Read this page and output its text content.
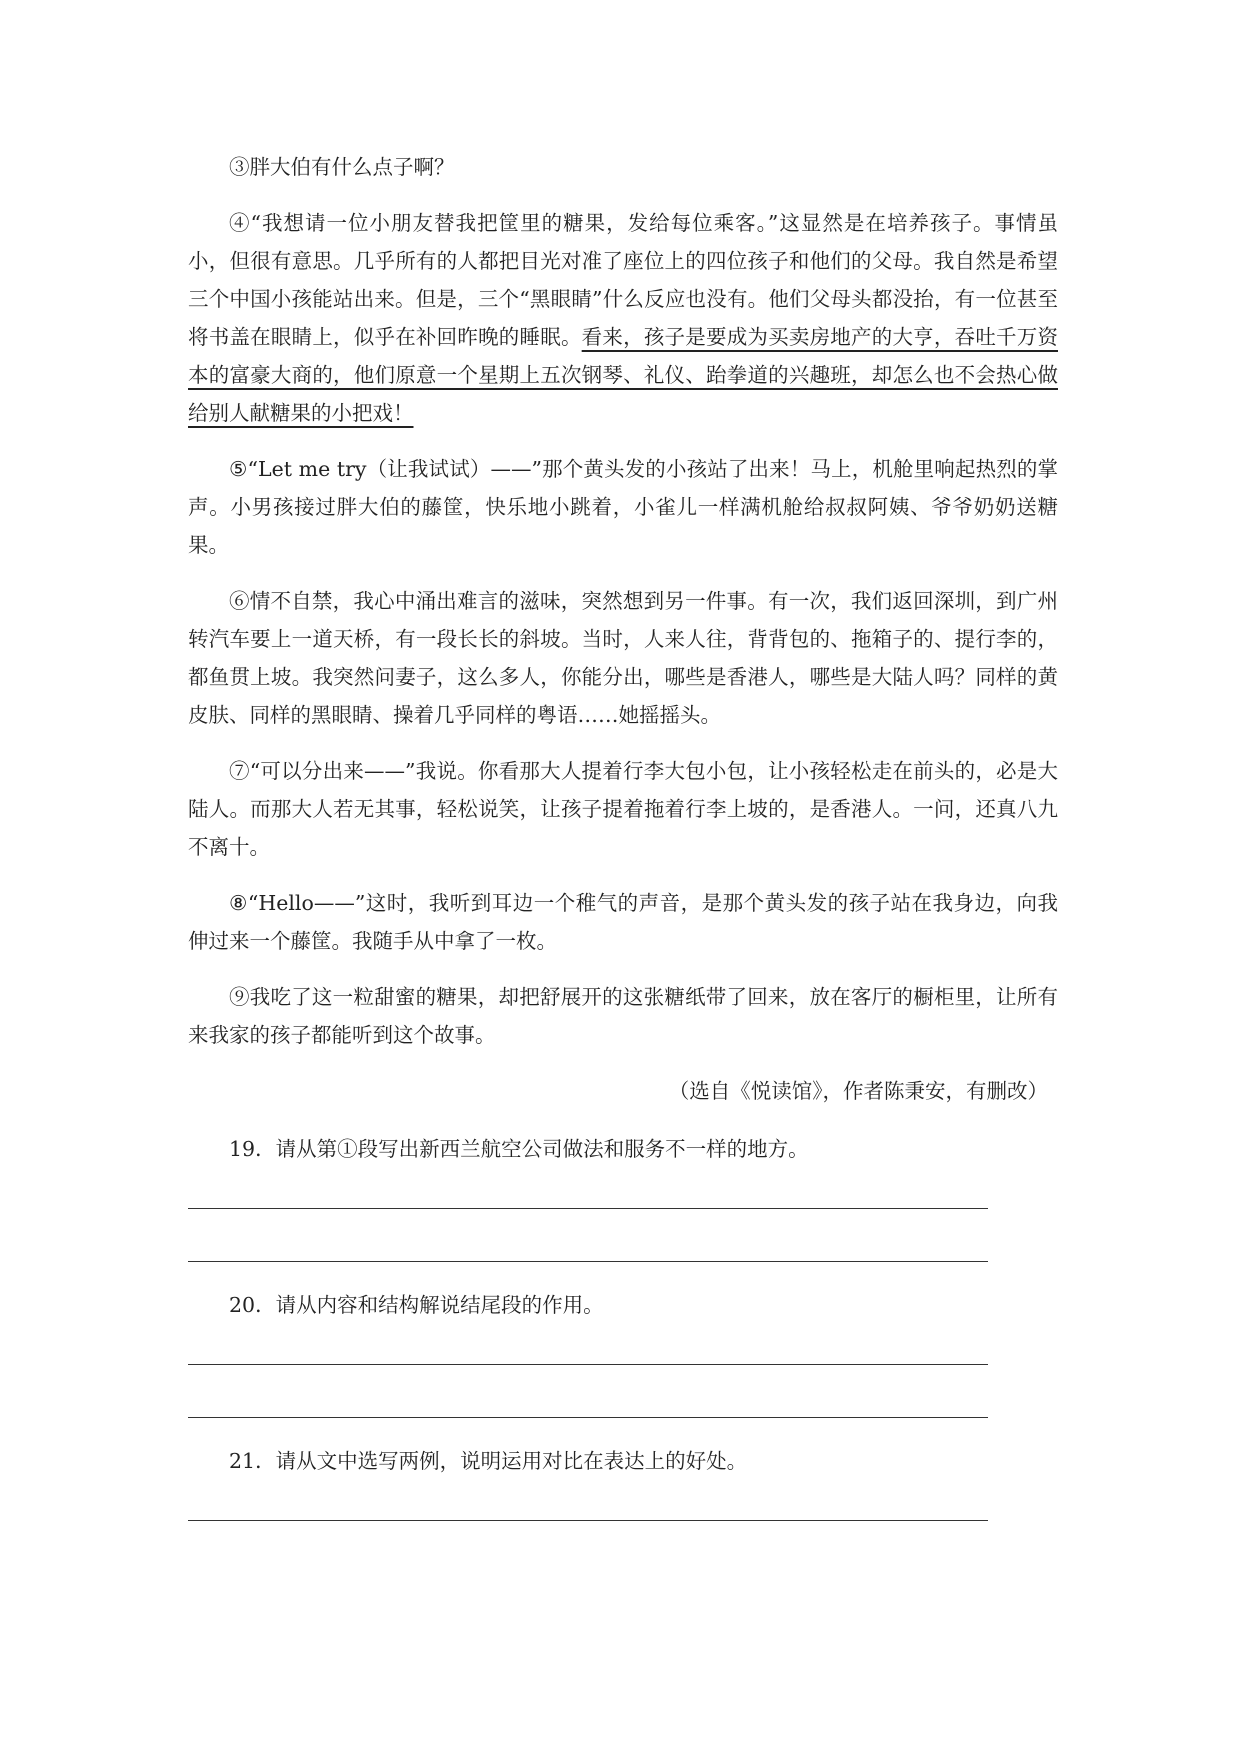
③胖大伯有什么点子啊？

④“我想请一位小朋友替我把筐里的糖果，发给每位乘客。”这显然是在培养孩子。事情虽小，但很有意思。几乎所有的人都把目光对准了座位上的四位孩子和他们的父母。我自然是希望三个中国小孩能站出来。但是，三个“黑眼睛”什么反应也没有。他们父母头都没抬，有一位甚至将书盖在眼睛上，似乎在补回昨晚的睡眠。看来，孩子是要成为买卖房地产的大亨，吞吐千万资本的富豪大商的，他们原意一个星期上五次钢琴、礼仪、跆拳道的兴趣班，却怎么也不会热心做给别人献糖果的小把戏！

⑤“Let me try（让我试试）——”那个黄头发的小孩站了出来！马上，机舱里响起热烈的掌声。小男孩接过胖大伯的藤筐，快乐地小跳着，小雀儿一样满机舱给叔叔阿姨、爷爷奶奶送糖果。

⑥情不自禁，我心中涌出难言的滋味，突然想到另一件事。有一次，我们返回深圳，到广州转汽车要上一道天桥，有一段长长的斜坡。当时，人来人往，背背包的、拖箱子的、提行李的，都鱼贯上坡。我突然问妻子，这么多人，你能分出，哪些是香港人，哪些是大陆人吗？同样的黄皮肤、同样的黑眼睛、操着几乎同样的粤语……她摇摇头。

⑦“可以分出来——”我说。你看那大人提着行李大包小包，让小孩轻松走在前头的，必是大陆人。而那大人若无其事，轻松说笑，让孩子提着拖着行李上坡的，是香港人。一问，还真八九不离十。

⑧“Hello——”这时，我听到耳边一个稚气的声音，是那个黄头发的孩子站在我身边，向我伸过来一个藤筐。我随手从中拿了一枚。

⑨我吃了这一粒甜蜜的糖果，却把舒展开的这张糖纸带了回来，放在客厅的橱柜里，让所有来我家的孩子都能听到这个故事。

（选自《悦读馆》，作者陈秉安，有删改）

19．请从第①段写出新西兰航空公司做法和服务不一样的地方。

20．请从内容和结构解说结尾段的作用。

21．请从文中选写两例，说明运用对比在表达上的好处。
